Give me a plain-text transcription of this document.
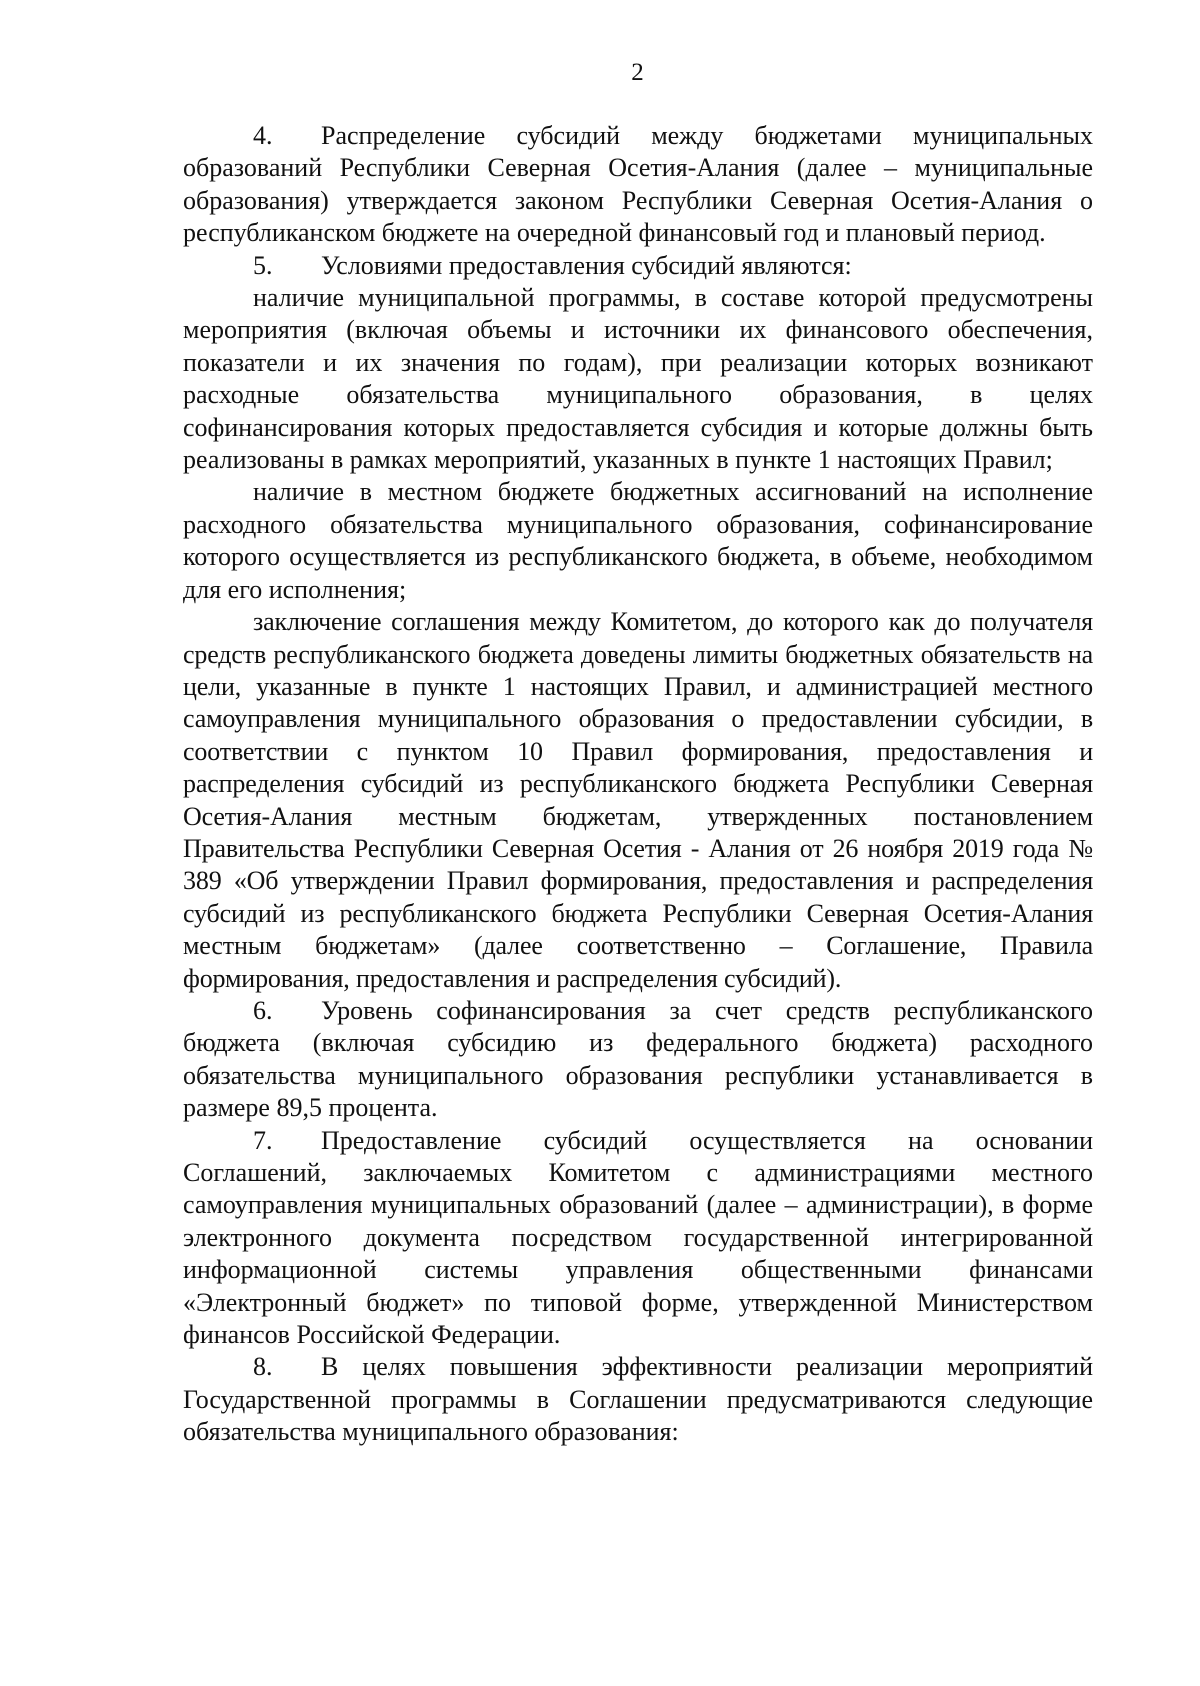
2

4. Распределение субсидий между бюджетами муниципальных образований Республики Северная Осетия-Алания (далее – муниципальные образования) утверждается законом Республики Северная Осетия-Алания о республиканском бюджете на очередной финансовый год и плановый период.

5. Условиями предоставления субсидий являются:

наличие муниципальной программы, в составе которой предусмотрены мероприятия (включая объемы и источники их финансового обеспечения, показатели и их значения по годам), при реализации которых возникают расходные обязательства муниципального образования, в целях софинансирования которых предоставляется субсидия и которые должны быть реализованы в рамках мероприятий, указанных в пункте 1 настоящих Правил;

наличие в местном бюджете бюджетных ассигнований на исполнение расходного обязательства муниципального образования, софинансирование которого осуществляется из республиканского бюджета, в объеме, необходимом для его исполнения;

заключение соглашения между Комитетом, до которого как до получателя средств республиканского бюджета доведены лимиты бюджетных обязательств на цели, указанные в пункте 1 настоящих Правил, и администрацией местного самоуправления муниципального образования о предоставлении субсидии, в соответствии с пунктом 10 Правил формирования, предоставления и распределения субсидий из республиканского бюджета Республики Северная Осетия-Алания местным бюджетам, утвержденных постановлением Правительства Республики Северная Осетия - Алания от 26 ноября 2019 года № 389 «Об утверждении Правил формирования, предоставления и распределения субсидий из республиканского бюджета Республики Северная Осетия-Алания местным бюджетам» (далее соответственно – Соглашение, Правила формирования, предоставления и распределения субсидий).

6. Уровень софинансирования за счет средств республиканского бюджета (включая субсидию из федерального бюджета) расходного обязательства муниципального образования республики устанавливается в размере 89,5 процента.

7. Предоставление субсидий осуществляется на основании Соглашений, заключаемых Комитетом с администрациями местного самоуправления муниципальных образований (далее – администрации), в форме электронного документа посредством государственной интегрированной информационной системы управления общественными финансами «Электронный бюджет» по типовой форме, утвержденной Министерством финансов Российской Федерации.

8. В целях повышения эффективности реализации мероприятий Государственной программы в Соглашении предусматриваются следующие обязательства муниципального образования:
